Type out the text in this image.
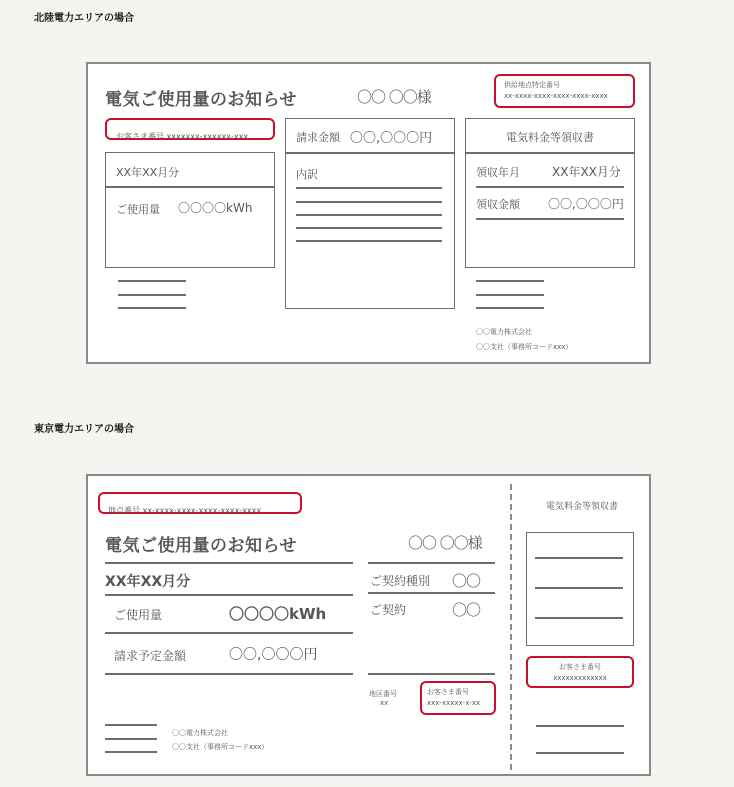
北陸電力エリアの場合
電気ご使用量のお知らせ	〇〇 〇〇様
供給地点特定番号
xx-xxxx-xxxx-xxxx-xxxx-xxxx
お客さま番号 xxxxxxx-xxxxxx-xxx
XX年XX月分
ご使用量 〇〇〇〇kWh
請求金額 〇〇,〇〇〇円
内訳
電気料金等領収書
領収年月	XX年XX月分
領収金額 〇〇,〇〇〇円
〇〇電力株式会社
〇〇支社（事務所コードxxx）
東京電力エリアの場合
地点番号 xx-xxxx-xxxx-xxxx-xxxx-xxxx
電気ご使用量のお知らせ	〇〇 〇〇様
XX年XX月分
ご使用量	〇〇〇〇kWh
請求予定金額	〇〇,〇〇〇円
ご契約種別 〇〇
ご契約	〇〇
地区番号
xx
お客さま番号
xxx-xxxxx-x-xx
〇〇電力株式会社
〇〇支社（事務所コードxxx）
電気料金等領収書
お客さま番号
xxxxxxxxxxxxx
